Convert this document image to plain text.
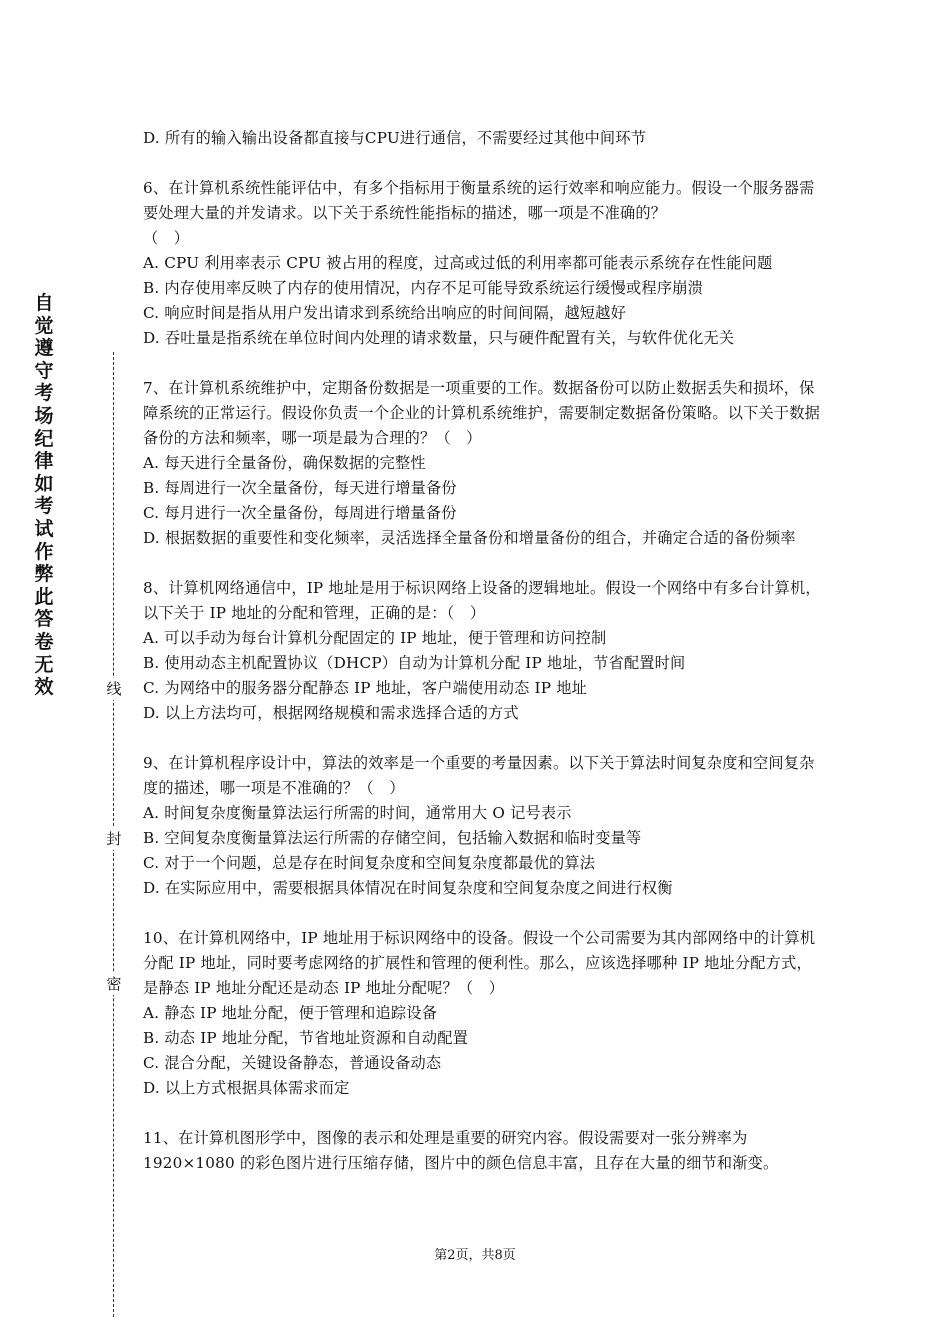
自觉遵守考场纪律如考试作弊此答卷无效	线
封
密

D. 所有的输入输出设备都直接与CPU进行通信，不需要经过其他中间环节

6、在计算机系统性能评估中，有多个指标用于衡量系统的运行效率和响应能力。假设一个服务器需要处理大量的并发请求。以下关于系统性能指标的描述，哪一项是不准确的？

（　）

A. CPU 利用率表示 CPU 被占用的程度，过高或过低的利用率都可能表示系统存在性能问题

B. 内存使用率反映了内存的使用情况，内存不足可能导致系统运行缓慢或程序崩溃

C. 响应时间是指从用户发出请求到系统给出响应的时间间隔，越短越好

D. 吞吐量是指系统在单位时间内处理的请求数量，只与硬件配置有关，与软件优化无关

7、在计算机系统维护中，定期备份数据是一项重要的工作。数据备份可以防止数据丢失和损坏，保障系统的正常运行。假设你负责一个企业的计算机系统维护，需要制定数据备份策略。以下关于数据备份的方法和频率，哪一项是最为合理的？（　）

A. 每天进行全量备份，确保数据的完整性

B. 每周进行一次全量备份，每天进行增量备份

C. 每月进行一次全量备份，每周进行增量备份

D. 根据数据的重要性和变化频率，灵活选择全量备份和增量备份的组合，并确定合适的备份频率

8、计算机网络通信中，IP 地址是用于标识网络上设备的逻辑地址。假设一个网络中有多台计算机，以下关于 IP 地址的分配和管理，正确的是：（　）

A. 可以手动为每台计算机分配固定的 IP 地址，便于管理和访问控制

B. 使用动态主机配置协议（DHCP）自动为计算机分配 IP 地址，节省配置时间

C. 为网络中的服务器分配静态 IP 地址，客户端使用动态 IP 地址

D. 以上方法均可，根据网络规模和需求选择合适的方式

9、在计算机程序设计中，算法的效率是一个重要的考量因素。以下关于算法时间复杂度和空间复杂度的描述，哪一项是不准确的？（　）

A. 时间复杂度衡量算法运行所需的时间，通常用大 O 记号表示

B. 空间复杂度衡量算法运行所需的存储空间，包括输入数据和临时变量等

C. 对于一个问题，总是存在时间复杂度和空间复杂度都最优的算法

D. 在实际应用中，需要根据具体情况在时间复杂度和空间复杂度之间进行权衡

10、在计算机网络中，IP 地址用于标识网络中的设备。假设一个公司需要为其内部网络中的计算机分配 IP 地址，同时要考虑网络的扩展性和管理的便利性。那么，应该选择哪种 IP 地址分配方式，是静态 IP 地址分配还是动态 IP 地址分配呢？（　）

A. 静态 IP 地址分配，便于管理和追踪设备

B. 动态 IP 地址分配，节省地址资源和自动配置

C. 混合分配，关键设备静态，普通设备动态

D. 以上方式根据具体需求而定

11、在计算机图形学中，图像的表示和处理是重要的研究内容。假设需要对一张分辨率为1920×1080 的彩色图片进行压缩存储，图片中的颜色信息丰富，且存在大量的细节和渐变。

第2页，共8页
